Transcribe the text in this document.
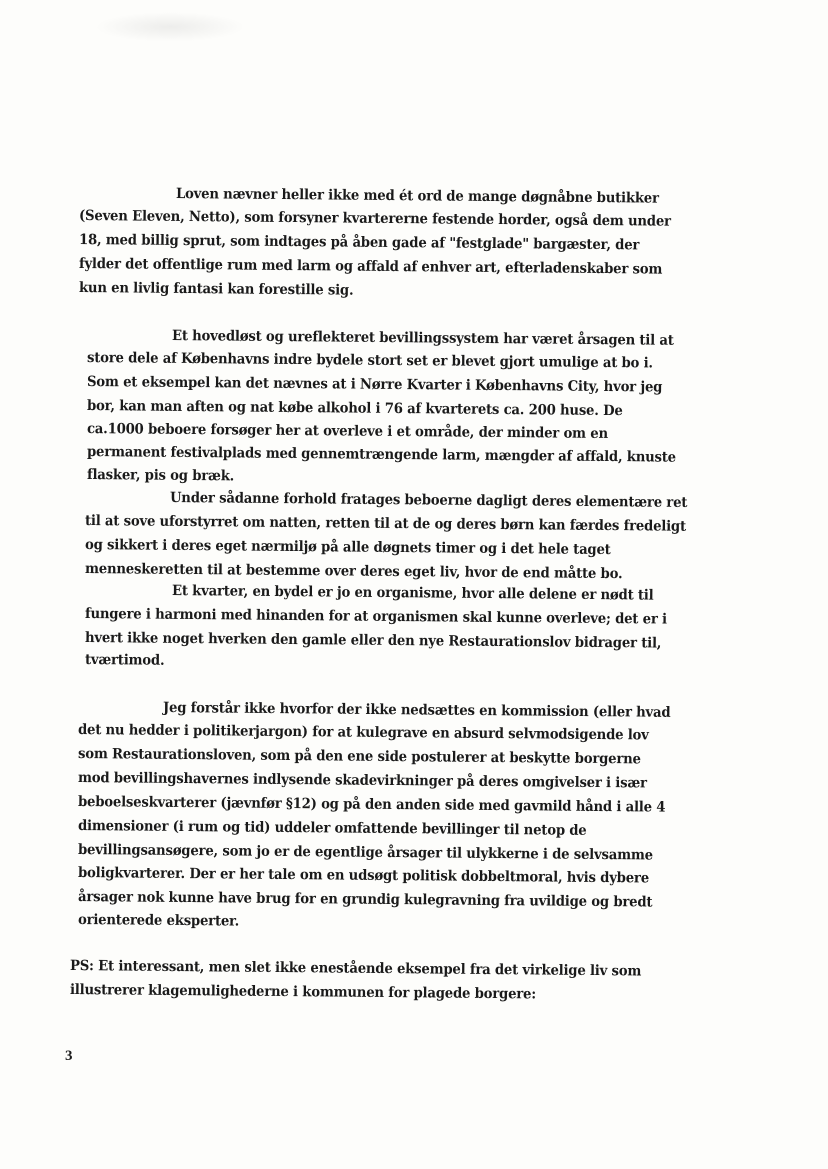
Loven nævner heller ikke med ét ord de mange døgnåbne butikker
(Seven Eleven, Netto), som forsyner kvartererne festende horder, også dem under
18, med billig sprut, som indtages på åben gade af "festglade" bargæster, der
fylder det offentlige rum med larm og affald af enhver art, efterladenskaber som
kun en livlig fantasi kan forestille sig.
Et hovedløst og ureflekteret bevillingssystem har været årsagen til at
store dele af Københavns indre bydele stort set er blevet gjort umulige at bo i.
Som et eksempel kan det nævnes at i Nørre Kvarter i Københavns City, hvor jeg
bor, kan man aften og nat købe alkohol i 76 af kvarterets ca. 200 huse. De
ca.1000 beboere forsøger her at overleve i et område, der minder om en
permanent festivalplads med gennemtrængende larm, mængder af affald, knuste
flasker, pis og bræk.
Under sådanne forhold fratages beboerne dagligt deres elementære ret
til at sove uforstyrret om natten, retten til at de og deres børn kan færdes fredeligt
og sikkert i deres eget nærmiljø på alle døgnets timer og i det hele taget
menneskeretten til at bestemme over deres eget liv, hvor de end måtte bo.
Et kvarter, en bydel er jo en organisme, hvor alle delene er nødt til
fungere i harmoni med hinanden for at organismen skal kunne overleve; det er i
hvert ikke noget hverken den gamle eller den nye Restaurationslov bidrager til,
tværtimod.
Jeg forstår ikke hvorfor der ikke nedsættes en kommission (eller hvad
det nu hedder i politikerjargon) for at kulegrave en absurd selvmodsigende lov
som Restaurationsloven, som på den ene side postulerer at beskytte borgerne
mod bevillingshavernes indlysende skadevirkninger på deres omgivelser i især
beboelseskvarterer (jævnfør §12) og på den anden side med gavmild hånd i alle 4
dimensioner (i rum og tid) uddeler omfattende bevillinger til netop de
bevillingsansøgere, som jo er de egentlige årsager til ulykkerne i de selvsamme
boligkvarterer. Der er her tale om en udsøgt politisk dobbeltmoral, hvis dybere
årsager nok kunne have brug for en grundig kulegravning fra uvildige og bredt
orienterede eksperter.
PS: Et interessant, men slet ikke enestående eksempel fra det virkelige liv som
illustrerer klagemulighederne i kommunen for plagede borgere:
3
